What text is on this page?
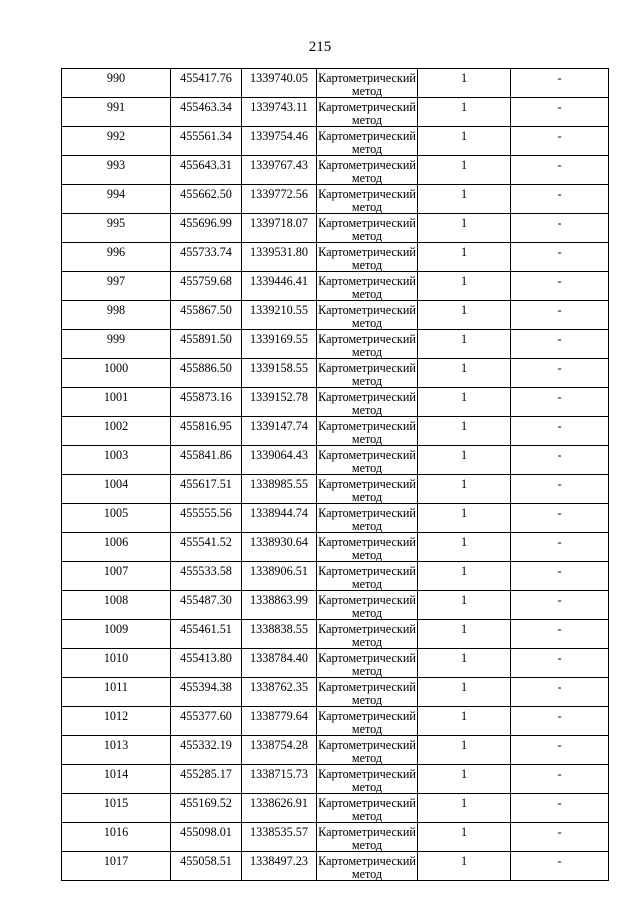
215
990	455417.76	1339740.05	Картометрический метод	1	-
991	455463.34	1339743.11	Картометрический метод	1	-
992	455561.34	1339754.46	Картометрический метод	1	-
993	455643.31	1339767.43	Картометрический метод	1	-
994	455662.50	1339772.56	Картометрический метод	1	-
995	455696.99	1339718.07	Картометрический метод	1	-
996	455733.74	1339531.80	Картометрический метод	1	-
997	455759.68	1339446.41	Картометрический метод	1	-
998	455867.50	1339210.55	Картометрический метод	1	-
999	455891.50	1339169.55	Картометрический метод	1	-
1000	455886.50	1339158.55	Картометрический метод	1	-
1001	455873.16	1339152.78	Картометрический метод	1	-
1002	455816.95	1339147.74	Картометрический метод	1	-
1003	455841.86	1339064.43	Картометрический метод	1	-
1004	455617.51	1338985.55	Картометрический метод	1	-
1005	455555.56	1338944.74	Картометрический метод	1	-
1006	455541.52	1338930.64	Картометрический метод	1	-
1007	455533.58	1338906.51	Картометрический метод	1	-
1008	455487.30	1338863.99	Картометрический метод	1	-
1009	455461.51	1338838.55	Картометрический метод	1	-
1010	455413.80	1338784.40	Картометрический метод	1	-
1011	455394.38	1338762.35	Картометрический метод	1	-
1012	455377.60	1338779.64	Картометрический метод	1	-
1013	455332.19	1338754.28	Картометрический метод	1	-
1014	455285.17	1338715.73	Картометрический метод	1	-
1015	455169.52	1338626.91	Картометрический метод	1	-
1016	455098.01	1338535.57	Картометрический метод	1	-
1017	455058.51	1338497.23	Картометрический метод	1	-
